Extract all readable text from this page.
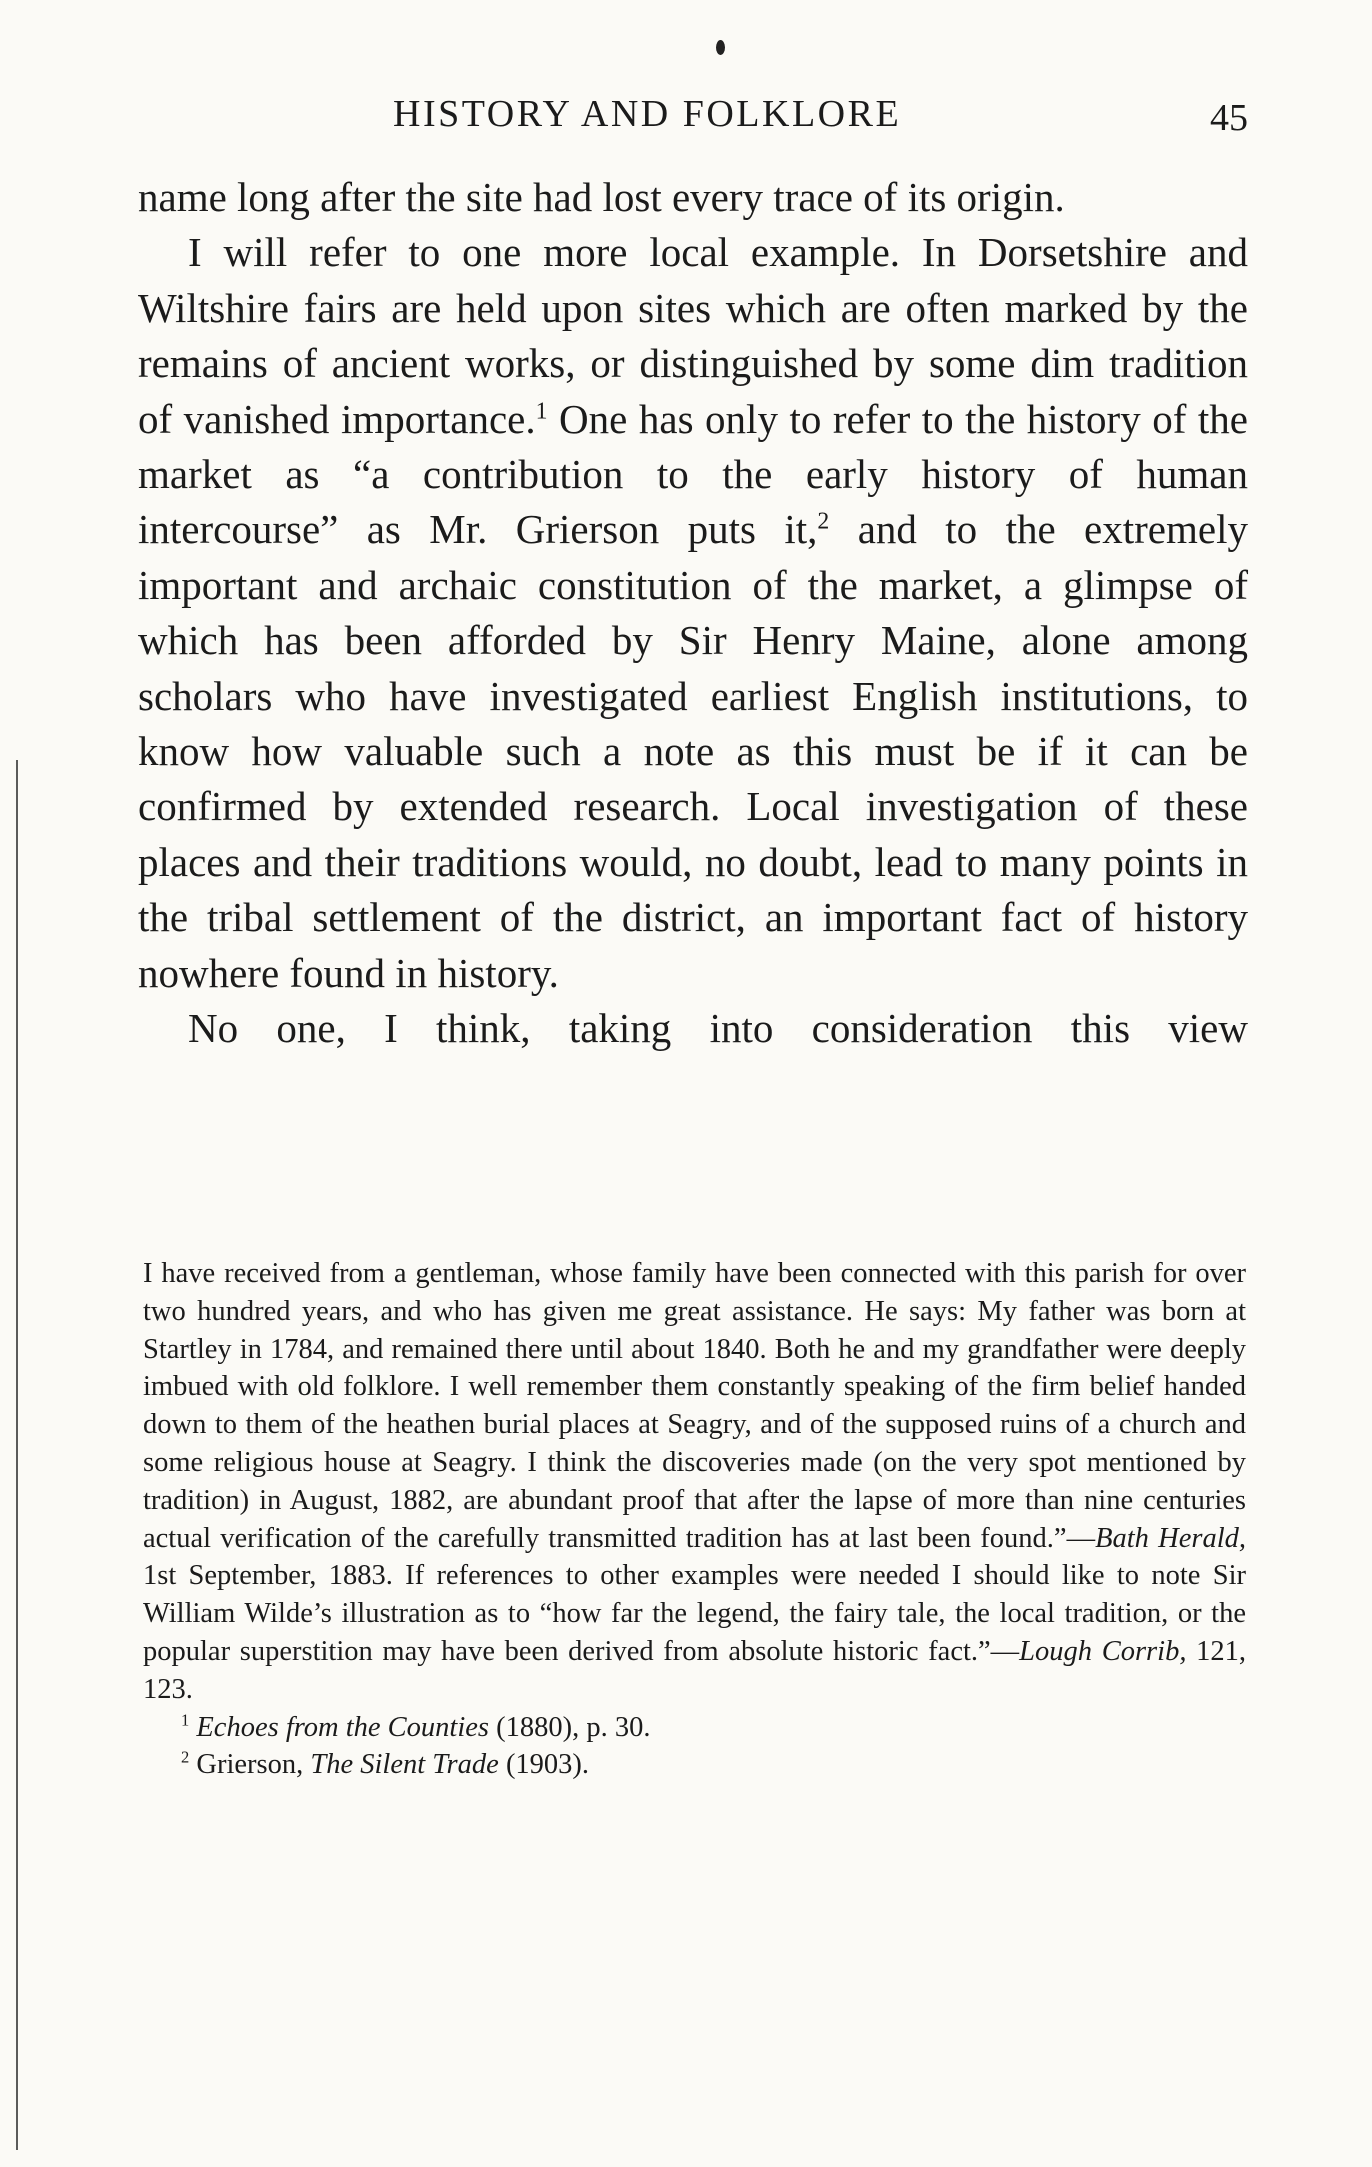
HISTORY AND FOLKLORE	45

name long after the site had lost every trace of its origin.

I will refer to one more local example. In Dorsetshire and Wiltshire fairs are held upon sites which are often marked by the remains of ancient works, or distinguished by some dim tradition of vanished importance.$^1$ One has only to refer to the history of the market as “a contribution to the early history of human intercourse” as Mr. Grierson puts it,$^2$ and to the extremely important and archaic constitution of the market, a glimpse of which has been afforded by Sir Henry Maine, alone among scholars who have investigated earliest English institutions, to know how valuable such a note as this must be if it can be confirmed by extended research. Local investigation of these places and their traditions would, no doubt, lead to many points in the tribal settlement of the district, an important fact of history nowhere found in history.

No one, I think, taking into consideration this view

I have received from a gentleman, whose family have been connected with this parish for over two hundred years, and who has given me great assistance. He says: My father was born at Startley in 1784, and remained there until about 1840. Both he and my grandfather were deeply imbued with old folklore. I well remember them constantly speaking of the firm belief handed down to them of the heathen burial places at Seagry, and of the supposed ruins of a church and some religious house at Seagry. I think the discoveries made (on the very spot mentioned by tradition) in August, 1882, are abundant proof that after the lapse of more than nine centuries actual verification of the carefully transmitted tradition has at last been found.”—Bath Herald, 1st September, 1883. If references to other examples were needed I should like to note Sir William Wilde’s illustration as to “how far the legend, the fairy tale, the local tradition, or the popular superstition may have been derived from absolute historic fact.”—Lough Corrib, 121, 123.

$^1$ Echoes from the Counties (1880), p. 30.

$^2$ Grierson, The Silent Trade (1903).
